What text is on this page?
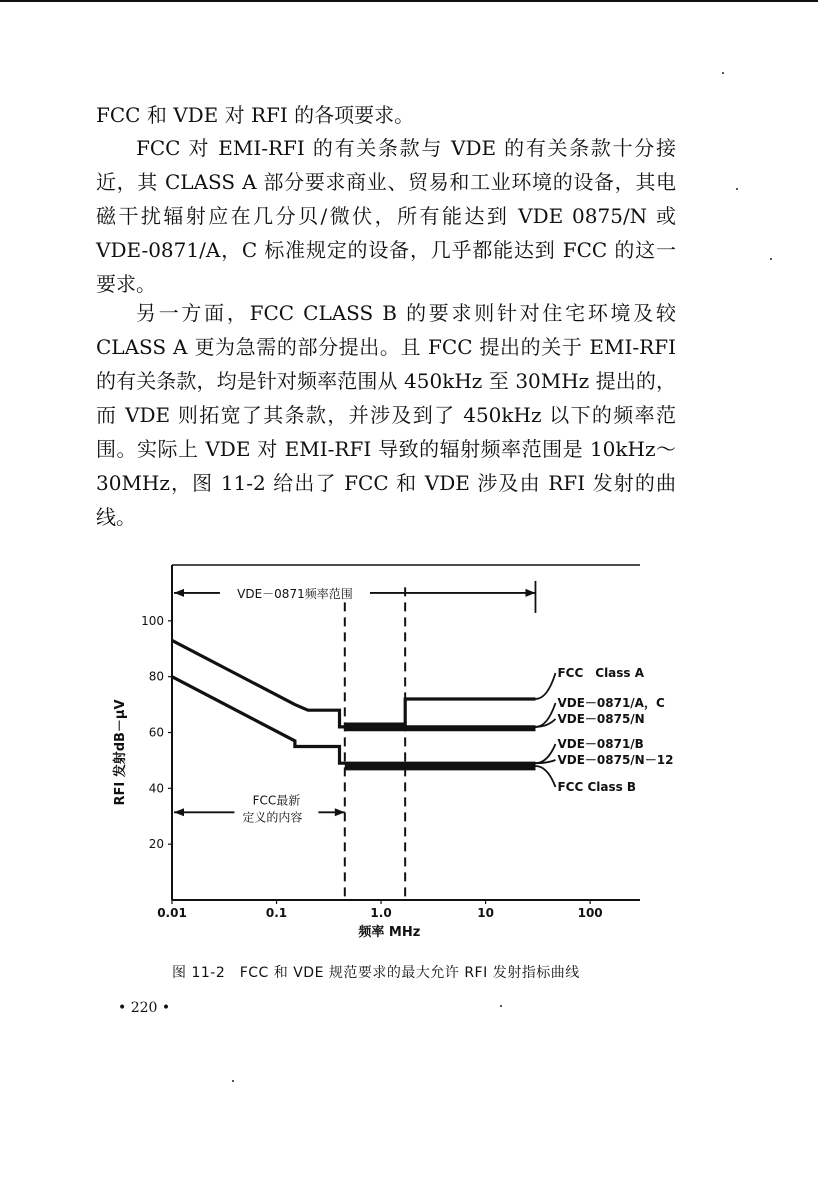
FCC 和 VDE 对 RFI 的各项要求。

FCC 对 EMI-RFI 的有关条款与 VDE 的有关条款十分接近，其 CLASS A 部分要求商业、贸易和工业环境的设备，其电磁干扰辐射应在几分贝/微伏，所有能达到 VDE 0875/N 或 VDE-0871/A，C 标准规定的设备，几乎都能达到 FCC 的这一要求。

另一方面，FCC CLASS B 的要求则针对住宅环境及较 CLASS A 更为急需的部分提出。且 FCC 提出的关于 EMI-RFI 的有关条款，均是针对频率范围从 450kHz 至 30MHz 提出的，而 VDE 则拓宽了其条款，并涉及到了 450kHz 以下的频率范围。实际上 VDE 对 EMI-RFI 导致的辐射频率范围是 10kHz～30MHz，图 11-2 给出了 FCC 和 VDE 涉及由 RFI 发射的曲线。

20
40
60
80
100
0.01	0.1	1.0	10	100
频率 MHz
RFI 发射dB－μV
VDE－0871频率范围
FCC最新
定义的内容
FCC　Class A
VDE－0871/A，C
VDE－0875/N
VDE－0871/B
VDE－0875/N－12
FCC Class B
图 11-2　FCC 和 VDE 规范要求的最大允许 RFI 发射指标曲线
• 220 •
